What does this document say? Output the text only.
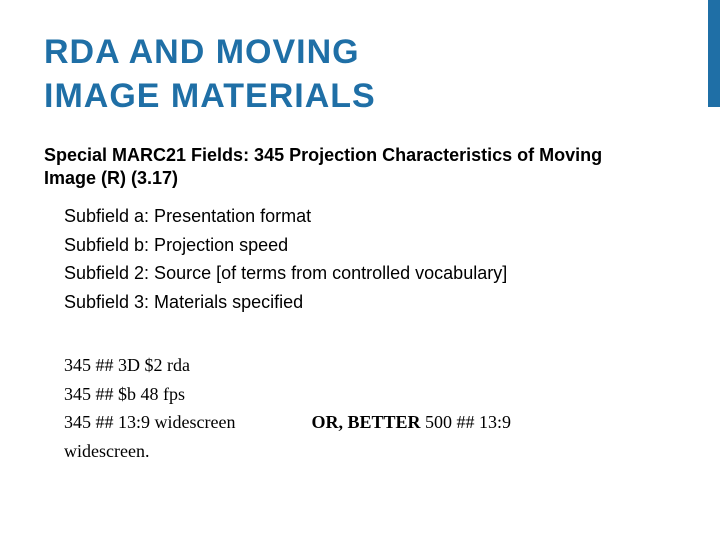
RDA AND MOVING
IMAGE MATERIALS
Special MARC21 Fields: 345 Projection Characteristics of Moving Image (R) (3.17)
Subfield a: Presentation format
Subfield b: Projection speed
Subfield 2: Source [of terms from controlled vocabulary]
Subfield 3: Materials specified
345 ## 3D $2 rda
345 ## $b 48 fps
345 ## 13:9 widescreen	OR, BETTER 500 ## 13:9
widescreen.
